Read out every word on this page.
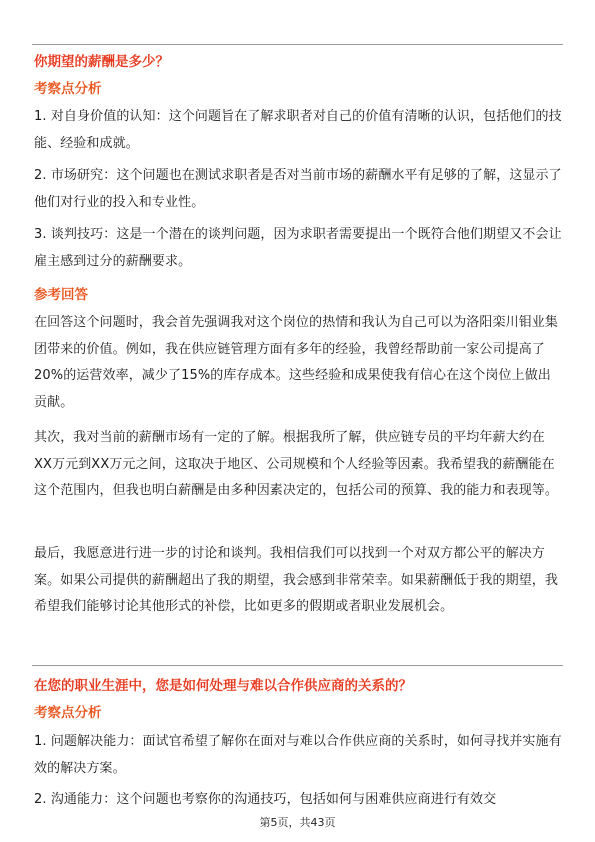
你期望的薪酬是多少？
考察点分析

1. 对自身价值的认知：这个问题旨在了解求职者对自己的价值有清晰的认识，包括他们的技能、经验和成就。

2. 市场研究：这个问题也在测试求职者是否对当前市场的薪酬水平有足够的了解，这显示了他们对行业的投入和专业性。

3. 谈判技巧：这是一个潜在的谈判问题，因为求职者需要提出一个既符合他们期望又不会让雇主感到过分的薪酬要求。

参考回答

在回答这个问题时，我会首先强调我对这个岗位的热情和我认为自己可以为洛阳栾川钼业集团带来的价值。例如，我在供应链管理方面有多年的经验，我曾经帮助前一家公司提高了20%的运营效率，减少了15%的库存成本。这些经验和成果使我有信心在这个岗位上做出贡献。

其次，我对当前的薪酬市场有一定的了解。根据我所了解，供应链专员的平均年薪大约在XX万元到XX万元之间，这取决于地区、公司规模和个人经验等因素。我希望我的薪酬能在这个范围内，但我也明白薪酬是由多种因素决定的，包括公司的预算、我的能力和表现等。

最后，我愿意进行进一步的讨论和谈判。我相信我们可以找到一个对双方都公平的解决方案。如果公司提供的薪酬超出了我的期望，我会感到非常荣幸。如果薪酬低于我的期望，我希望我们能够讨论其他形式的补偿，比如更多的假期或者职业发展机会。

在您的职业生涯中，您是如何处理与难以合作供应商的关系的？
考察点分析

1. 问题解决能力：面试官希望了解你在面对与难以合作供应商的关系时，如何寻找并实施有效的解决方案。

2. 沟通能力：这个问题也考察你的沟通技巧，包括如何与困难供应商进行有效交

第5页，共43页
